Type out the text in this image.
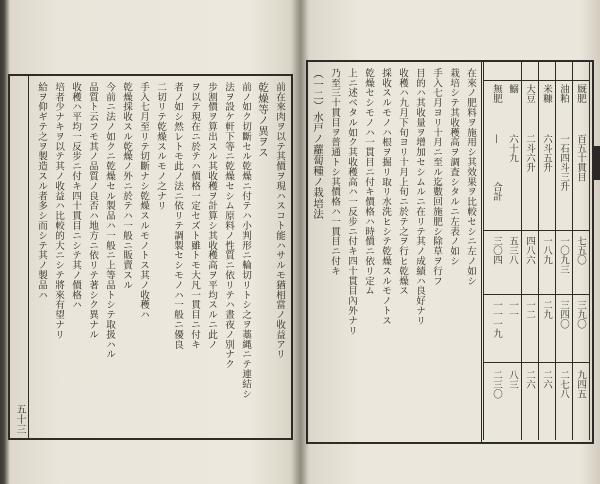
前在來肉ヲ以テ其價ヲ現ハスコト能ハサルモ猶相當ノ收益アリ
乾燥等ノ異ヲス
前ノ如ク切斷セル乾燥ニ付テハ小判形ニ輪切リトシ之ヲ藁縄ニテ連結シ
法ヲ設ケ軒下等ニ乾燥セシム原料ノ性質ニ依リテハ晝夜ノ別ナク
步割價ヲ算出スル其收穫ヲ計算シ其收穫高ヲ平均スルニ此ノ
ヲ以テ現在ニ於テハ價格一定セズト雖トモ大凡一貫目ニ付キ
者ノ如シ然レトモ此ノ法ニ依リテ調製セシモノハ一般ニ優良
二切リテ乾燥スルモノ之ナリ
手入七月至リテ切斷ナシ乾燥スルモノトス其ノ收穫ハ
乾燥採收スル乾燥ノ外ニ於テハ一般ニ販賣スル
今前ニ法ノ如クニ乾燥セル製品ハ一般ニ上等品トシテ取扱ハル
品質ト云フモ其ノ品質ノ良否ハ地方ニ依リテ著シク異ナル
收穫ハ平均一反步ニ付キ四十貫目ニシテ其ノ價格ハ
培者少ナキヲ以テ其ノ收益ハ比較的大ニシテ將來有望ナリ
給ヲ仰ギテ之ヲ製造スル者多シ而シテ其ノ製品ハ
五十三
厩肥
百五十貫目
七五〇
三九〇
九四五
油粕
一石四斗三升
一〇九三
三四〇
二七八
米糠
六斗五升
一八九
二九
二六
大豆
二斗六升
四八六
一二
二六
鰯
六十九
五三八
一一
八三
無肥
—
合計
三〇四
一一一九
二三〇
在來ノ肥料ヲ施用シ其效果ヲ比較セシニ左ノ如シ
栽培シテ其收穫高ヲ調査シタルニ左表ノ如シ
手入七月ヨリ十月ニ至ル迄數回施肥シ除草ヲ行フ
目的ハ其收量ヲ增加セシムルニ在リテ其ノ成績ハ良好ナリ
收穫ハ九月下旬ヨリ十月上旬ニ於テ之ヲ行ヒ乾燥ス
採收スルモノハ根ヲ掘リ取リ水洗ヒシテ乾燥スルモノトス
乾燥セシモノハ一貫目ニ付キ價格ハ時價ニ依リ定ム
上ニ述ベタル如ク其收穫高ハ一反步ニ付キ四十貫目內外ナリ
乃至三十貫目ヲ普通トシ其價格ハ一貫目ニ付キ
（一二）水戸ノ蘿蔔種ノ栽培法
